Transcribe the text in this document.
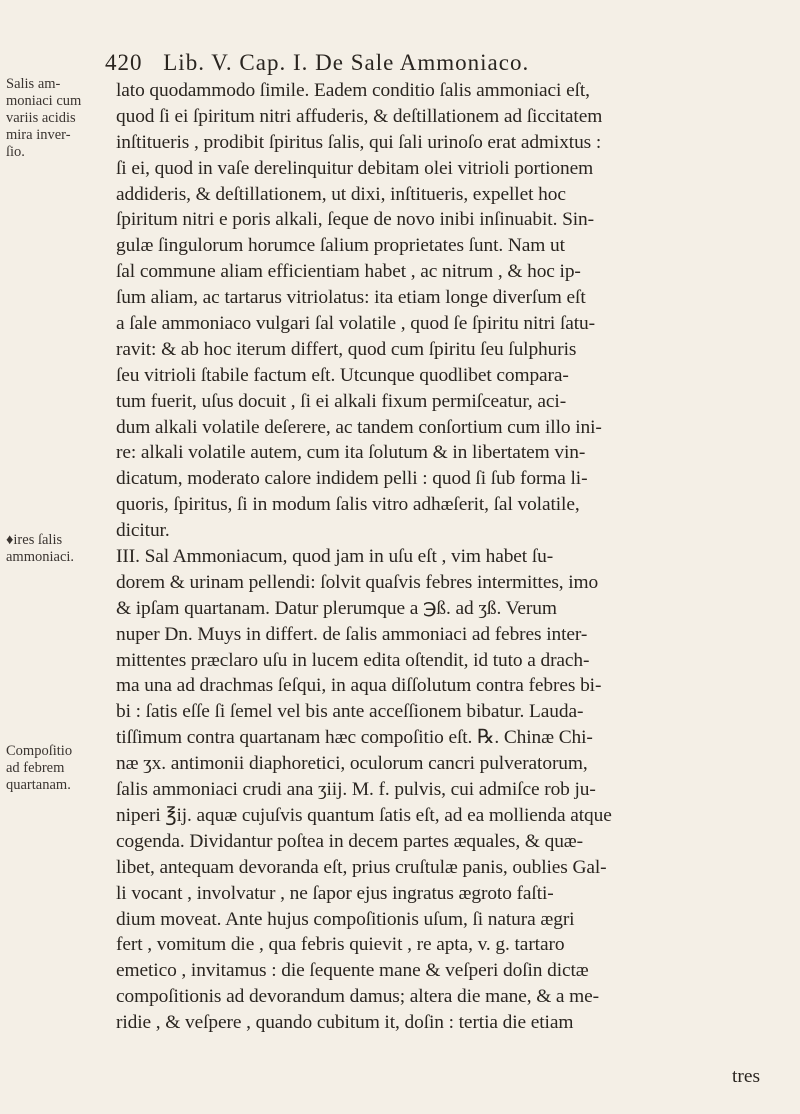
420 Lib. V. Cap. I. De Sale Ammoniaco.
Salis am-
moniaci cum
variis acidis
mira inver-
ſio.
♦ires ſalis
ammoniaci.
Compoſitio
ad febrem
quartanam.
lato quodammodo ſimile. Eadem conditio ſalis ammoniaci eſt,
quod ſi ei ſpiritum nitri affuderis, & deſtillationem ad ſiccitatem
inſtitueris , prodibit ſpiritus ſalis, qui ſali urinoſo erat admixtus :
ſi ei, quod in vaſe derelinquitur debitam olei vitrioli portionem
addideris, & deſtillationem, ut dixi, inſtitueris, expellet hoc
ſpiritum nitri e poris alkali, ſeque de novo inibi inſinuabit. Sin-
gulæ ſingulorum horumce ſalium proprietates ſunt. Nam ut
ſal commune aliam efficientiam habet , ac nitrum , & hoc ip-
ſum aliam, ac tartarus vitriolatus: ita etiam longe diverſum eſt
a ſale ammoniaco vulgari ſal volatile , quod ſe ſpiritu nitri ſatu-
ravit: & ab hoc iterum differt, quod cum ſpiritu ſeu ſulphuris
ſeu vitrioli ſtabile factum eſt. Utcunque quodlibet compara-
tum fuerit, uſus docuit , ſi ei alkali fixum permiſceatur, aci-
dum alkali volatile deſerere, ac tandem conſortium cum illo ini-
re: alkali volatile autem, cum ita ſolutum & in libertatem vin-
dicatum, moderato calore indidem pelli : quod ſi ſub forma li-
quoris, ſpiritus, ſi in modum ſalis vitro adhæſerit, ſal volatile,
dicitur.
III. Sal Ammoniacum, quod jam in uſu eſt , vim habet ſu-
dorem & urinam pellendi: ſolvit quaſvis febres intermittes, imo
& ipſam quartanam. Datur plerumque a ℈ß. ad ʒß. Verum
nuper Dn. Muys in differt. de ſalis ammoniaci ad febres inter-
mittentes præclaro uſu in lucem edita oſtendit, id tuto a drach-
ma una ad drachmas ſeſqui, in aqua diſſolutum contra febres bi-
bi : ſatis eſſe ſi ſemel vel bis ante acceſſionem bibatur. Lauda-
tiſſimum contra quartanam hæc compoſitio eſt. ℞. Chinæ Chi-
næ ʒx. antimonii diaphoretici, oculorum cancri pulveratorum,
ſalis ammoniaci crudi ana ʒiij. M. f. pulvis, cui admiſce rob ju-
niperi ℥ij. aquæ cujuſvis quantum ſatis eſt, ad ea mollienda atque
cogenda. Dividantur poſtea in decem partes æquales, & quæ-
libet, antequam devoranda eſt, prius cruſtulæ panis, oublies Gal-
li vocant , involvatur , ne ſapor ejus ingratus ægroto faſti-
dium moveat. Ante hujus compoſitionis uſum, ſi natura ægri
fert , vomitum die , qua febris quievit , re apta, v. g. tartaro
emetico , invitamus : die ſequente mane & veſperi doſin dictæ
compoſitionis ad devorandum damus; altera die mane, & a me-
ridie , & veſpere , quando cubitum it, doſin : tertia die etiam
tres
